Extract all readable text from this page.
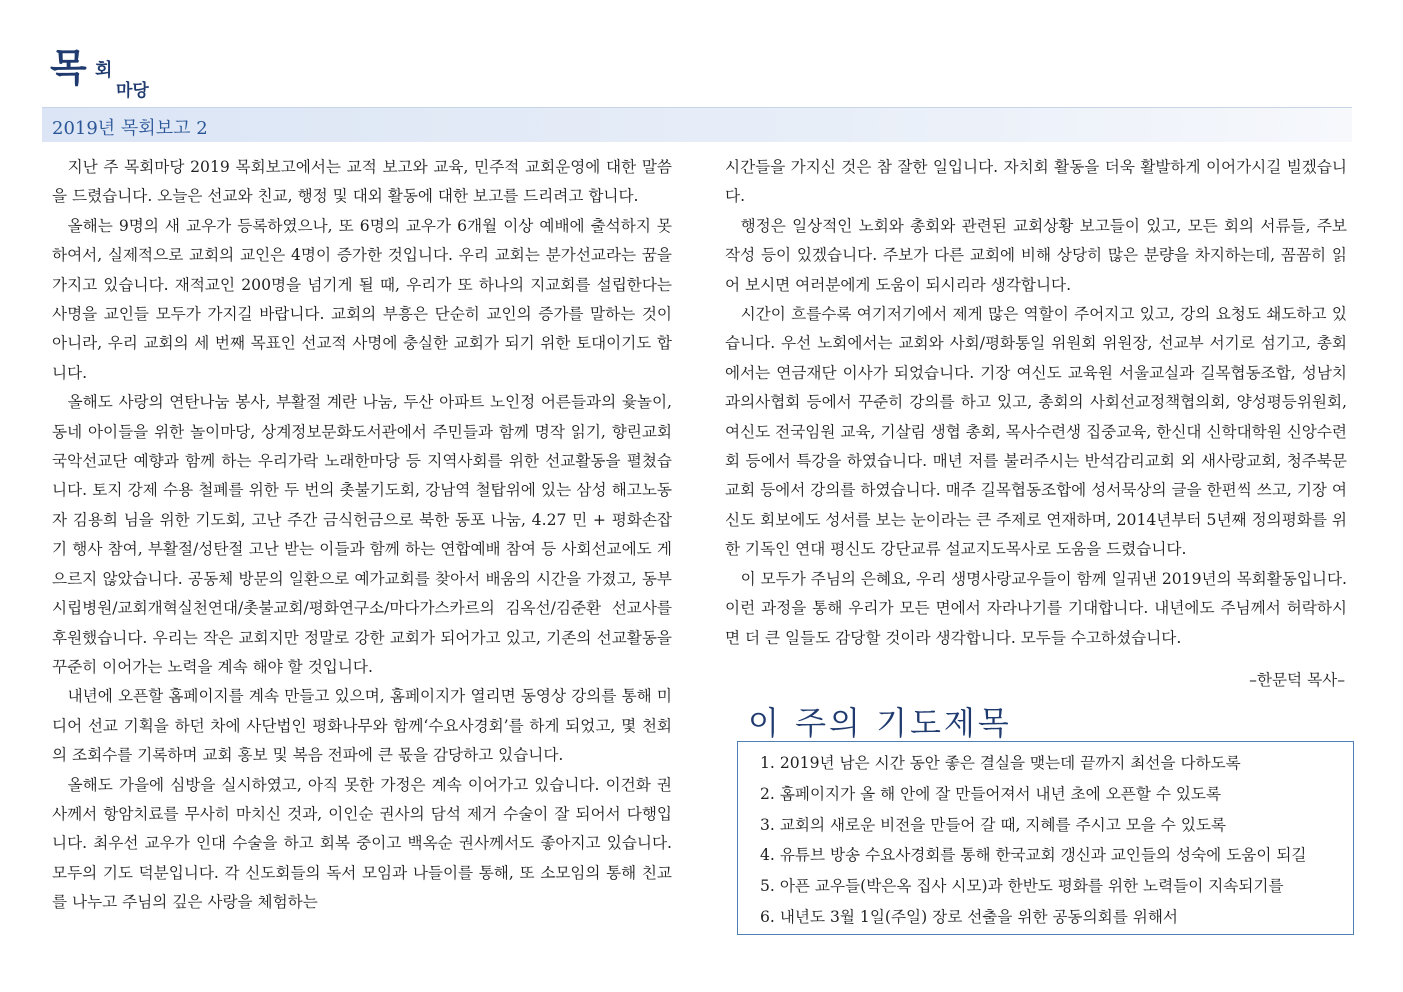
목 회
마당
2019년 목회보고 2

지난 주 목회마당 2019 목회보고에서는 교적 보고와 교육, 민주적 교회운영에 대한 말씀을 드렸습니다. 오늘은 선교와 친교, 행정 및 대외 활동에 대한 보고를 드리려고 합니다.

올해는 9명의 새 교우가 등록하였으나, 또 6명의 교우가 6개월 이상 예배에 출석하지 못하여서, 실제적으로 교회의 교인은 4명이 증가한 것입니다. 우리 교회는 분가선교라는 꿈을 가지고 있습니다. 재적교인 200명을 넘기게 될 때, 우리가 또 하나의 지교회를 설립한다는 사명을 교인들 모두가 가지길 바랍니다. 교회의 부흥은 단순히 교인의 증가를 말하는 것이 아니라, 우리 교회의 세 번째 목표인 선교적 사명에 충실한 교회가 되기 위한 토대이기도 합니다.

올해도 사랑의 연탄나눔 봉사, 부활절 계란 나눔, 두산 아파트 노인정 어른들과의 윷놀이, 동네 아이들을 위한 놀이마당, 상계정보문화도서관에서 주민들과 함께 명작 읽기, 향린교회 국악선교단 예향과 함께 하는 우리가락 노래한마당 등 지역사회를 위한 선교활동을 펼쳤습니다. 토지 강제 수용 철폐를 위한 두 번의 촛불기도회, 강남역 철탑위에 있는 삼성 해고노동자 김용희 님을 위한 기도회, 고난 주간 금식헌금으로 북한 동포 나눔, 4.27 민 + 평화손잡기 행사 참여, 부활절/성탄절 고난 받는 이들과 함께 하는 연합예배 참여 등 사회선교에도 게으르지 않았습니다. 공동체 방문의 일환으로 예가교회를 찾아서 배움의 시간을 가졌고, 동부시립병원/교회개혁실천연대/촛불교회/평화연구소/마다가스카르의 김옥선/김준환 선교사를 후원했습니다. 우리는 작은 교회지만 정말로 강한 교회가 되어가고 있고, 기존의 선교활동을 꾸준히 이어가는 노력을 계속 해야 할 것입니다.

내년에 오픈할 홈페이지를 계속 만들고 있으며, 홈페이지가 열리면 동영상 강의를 통해 미디어 선교 기획을 하던 차에 사단법인 평화나무와 함께‘수요사경회’를 하게 되었고, 몇 천회의 조회수를 기록하며 교회 홍보 및 복음 전파에 큰 몫을 감당하고 있습니다.

올해도 가을에 심방을 실시하였고, 아직 못한 가정은 계속 이어가고 있습니다. 이건화 권사께서 항암치료를 무사히 마치신 것과, 이인순 권사의 담석 제거 수술이 잘 되어서 다행입니다. 최우선 교우가 인대 수술을 하고 회복 중이고 백옥순 권사께서도 좋아지고 있습니다. 모두의 기도 덕분입니다. 각 신도회들의 독서 모임과 나들이를 통해, 또 소모임의 통해 친교를 나누고 주님의 깊은 사랑을 체험하는

시간들을 가지신 것은 참 잘한 일입니다. 자치회 활동을 더욱 활발하게 이어가시길 빌겠습니다.

행정은 일상적인 노회와 총회와 관련된 교회상황 보고들이 있고, 모든 회의 서류들, 주보 작성 등이 있겠습니다. 주보가 다른 교회에 비해 상당히 많은 분량을 차지하는데, 꼼꼼히 읽어 보시면 여러분에게 도움이 되시리라 생각합니다.

시간이 흐를수록 여기저기에서 제게 많은 역할이 주어지고 있고, 강의 요청도 쇄도하고 있습니다. 우선 노회에서는 교회와 사회/평화통일 위원회 위원장, 선교부 서기로 섬기고, 총회에서는 연금재단 이사가 되었습니다. 기장 여신도 교육원 서울교실과 길목협동조합, 성남치과의사협회 등에서 꾸준히 강의를 하고 있고, 총회의 사회선교정책협의회, 양성평등위원회, 여신도 전국임원 교육, 기살림 생협 총회, 목사수련생 집중교육, 한신대 신학대학원 신앙수련회 등에서 특강을 하였습니다. 매년 저를 불러주시는 반석감리교회 외 새사랑교회, 청주북문교회 등에서 강의를 하였습니다. 매주 길목협동조합에 성서묵상의 글을 한편씩 쓰고, 기장 여신도 회보에도 성서를 보는 눈이라는 큰 주제로 연재하며, 2014년부터 5년째 정의평화를 위한 기독인 연대 평신도 강단교류 설교지도목사로 도움을 드렸습니다.

이 모두가 주님의 은혜요, 우리 생명사랑교우들이 함께 일궈낸 2019년의 목회활동입니다. 이런 과정을 통해 우리가 모든 면에서 자라나기를 기대합니다. 내년에도 주님께서 허락하시면 더 큰 일들도 감당할 것이라 생각합니다. 모두들 수고하셨습니다.

–한문덕 목사–
이 주의 기도제목
1. 2019년 남은 시간 동안 좋은 결실을 맺는데 끝까지 최선을 다하도록
2. 홈페이지가 올 해 안에 잘 만들어져서 내년 초에 오픈할 수 있도록
3. 교회의 새로운 비전을 만들어 갈 때, 지혜를 주시고 모을 수 있도록
4. 유튜브 방송 수요사경회를 통해 한국교회 갱신과 교인들의 성숙에 도움이 되길
5. 아픈 교우들(박은옥 집사 시모)과 한반도 평화를 위한 노력들이 지속되기를
6. 내년도 3월 1일(주일) 장로 선출을 위한 공동의회를 위해서
